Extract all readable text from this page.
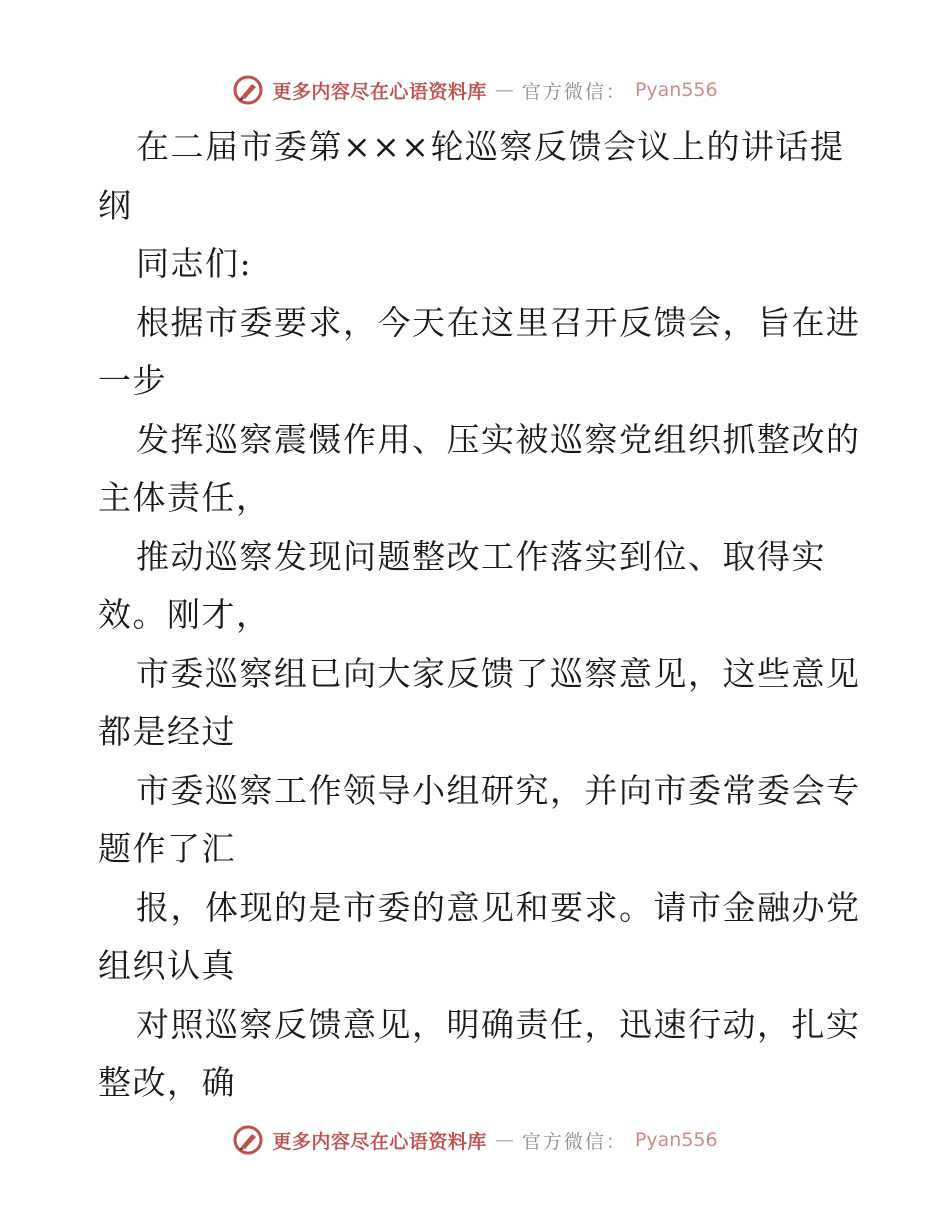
更多内容尽在心语资料库 — 官方微信： Pyan556
在二届市委第×××轮巡察反馈会议上的讲话提
纲
同志们:
根据市委要求，今天在这里召开反馈会，旨在进
一步
发挥巡察震慑作用、压实被巡察党组织抓整改的
主体责任，
推动巡察发现问题整改工作落实到位、取得实
效。刚才，
市委巡察组已向大家反馈了巡察意见，这些意见
都是经过
市委巡察工作领导小组研究，并向市委常委会专
题作了汇
报，体现的是市委的意见和要求。请市金融办党
组织认真
对照巡察反馈意见，明确责任，迅速行动，扎实
整改，确
更多内容尽在心语资料库 — 官方微信： Pyan556
